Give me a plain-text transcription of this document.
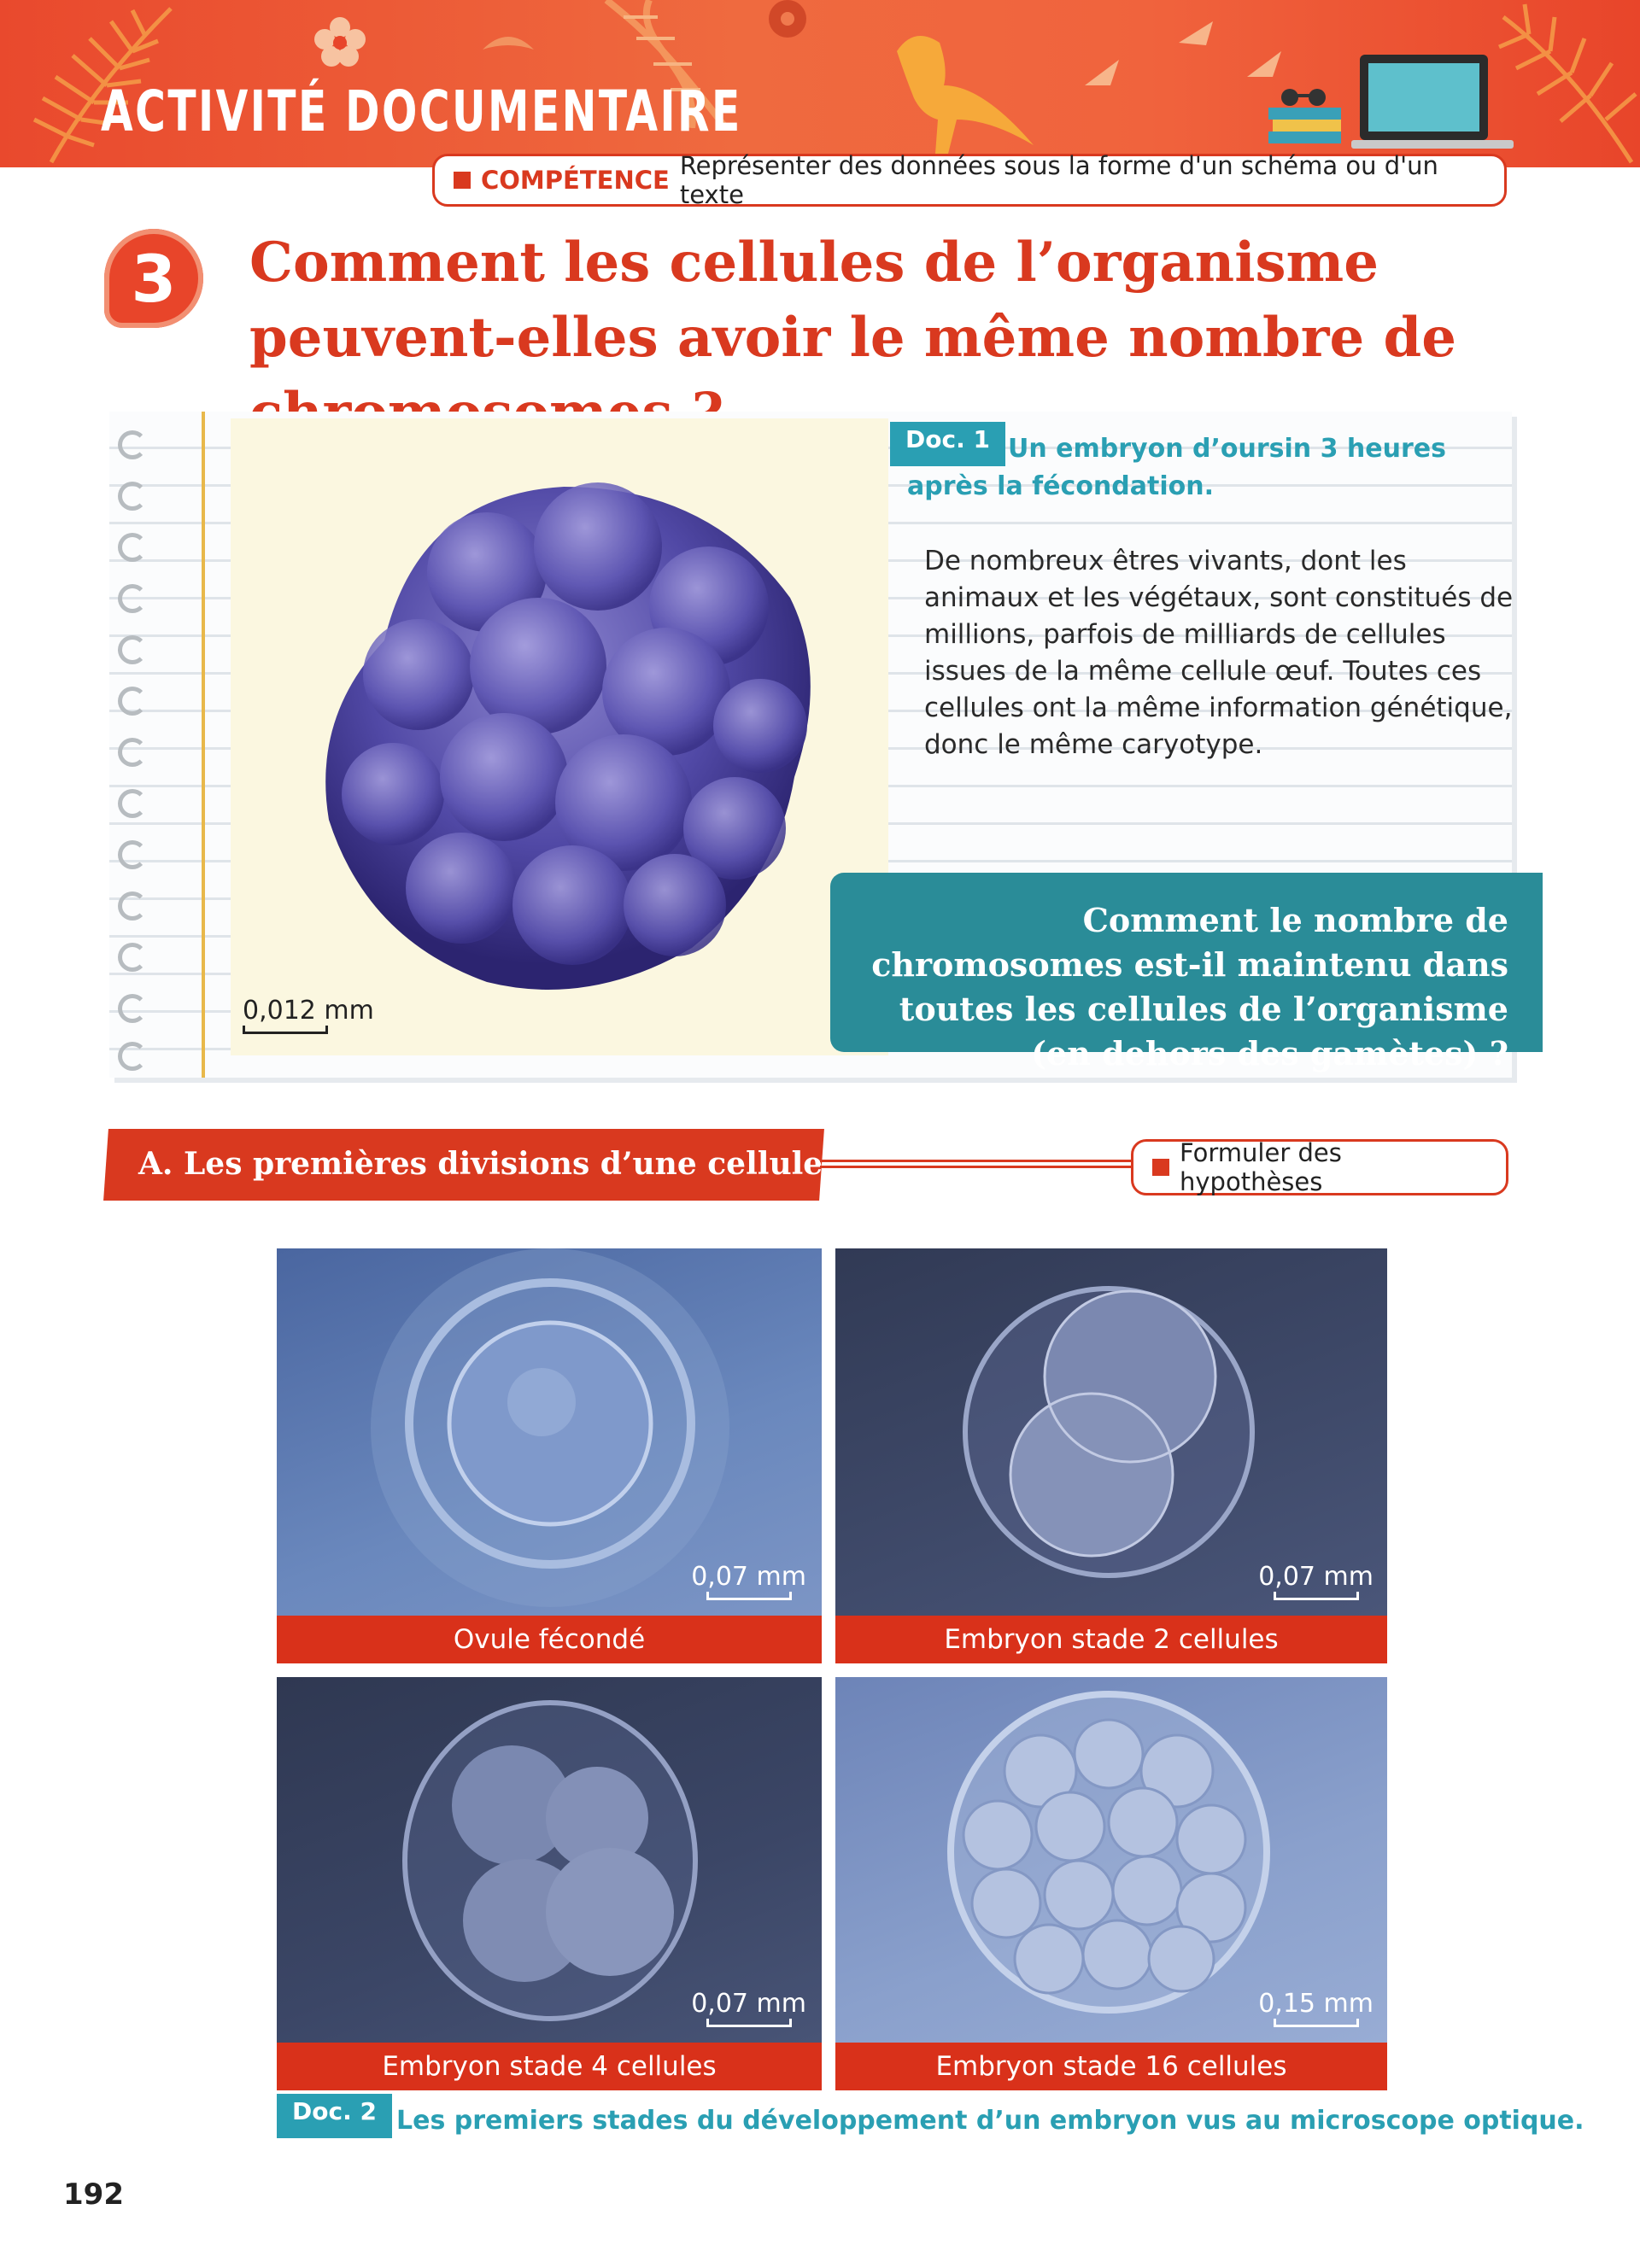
ACTIVITÉ DOCUMENTAIRE
COMPÉTENCE Représenter des données sous la forme d'un schéma ou d'un texte
3	Comment les cellules de l’organisme peuvent-elles avoir le même nombre de
0,012 mm
Doc. 1 Un embryon d’oursin 3 heures
après la fécondation.

De nombreux êtres vivants, dont les animaux et les végétaux, sont constitués de millions, parfois de milliards de cellules issues de la même cellule œuf. Toutes ces cellules ont la même information génétique, donc le même caryotype.

Comment le nombre de chromosomes est-il maintenu dans toutes les cellules de l’organisme (en dehors des gamètes) ?
A. Les premières divisions d’une cellule œuf	Formuler des hypothèses
0,07 mm
Ovule fécondé
0,07 mm
Embryon stade 2 cellules
0,07 mm
Embryon stade 4 cellules
0,15 mm
Embryon stade 16 cellules
Doc. 2 Les premiers stades du développement d’un embryon vus au microscope optique.
192
